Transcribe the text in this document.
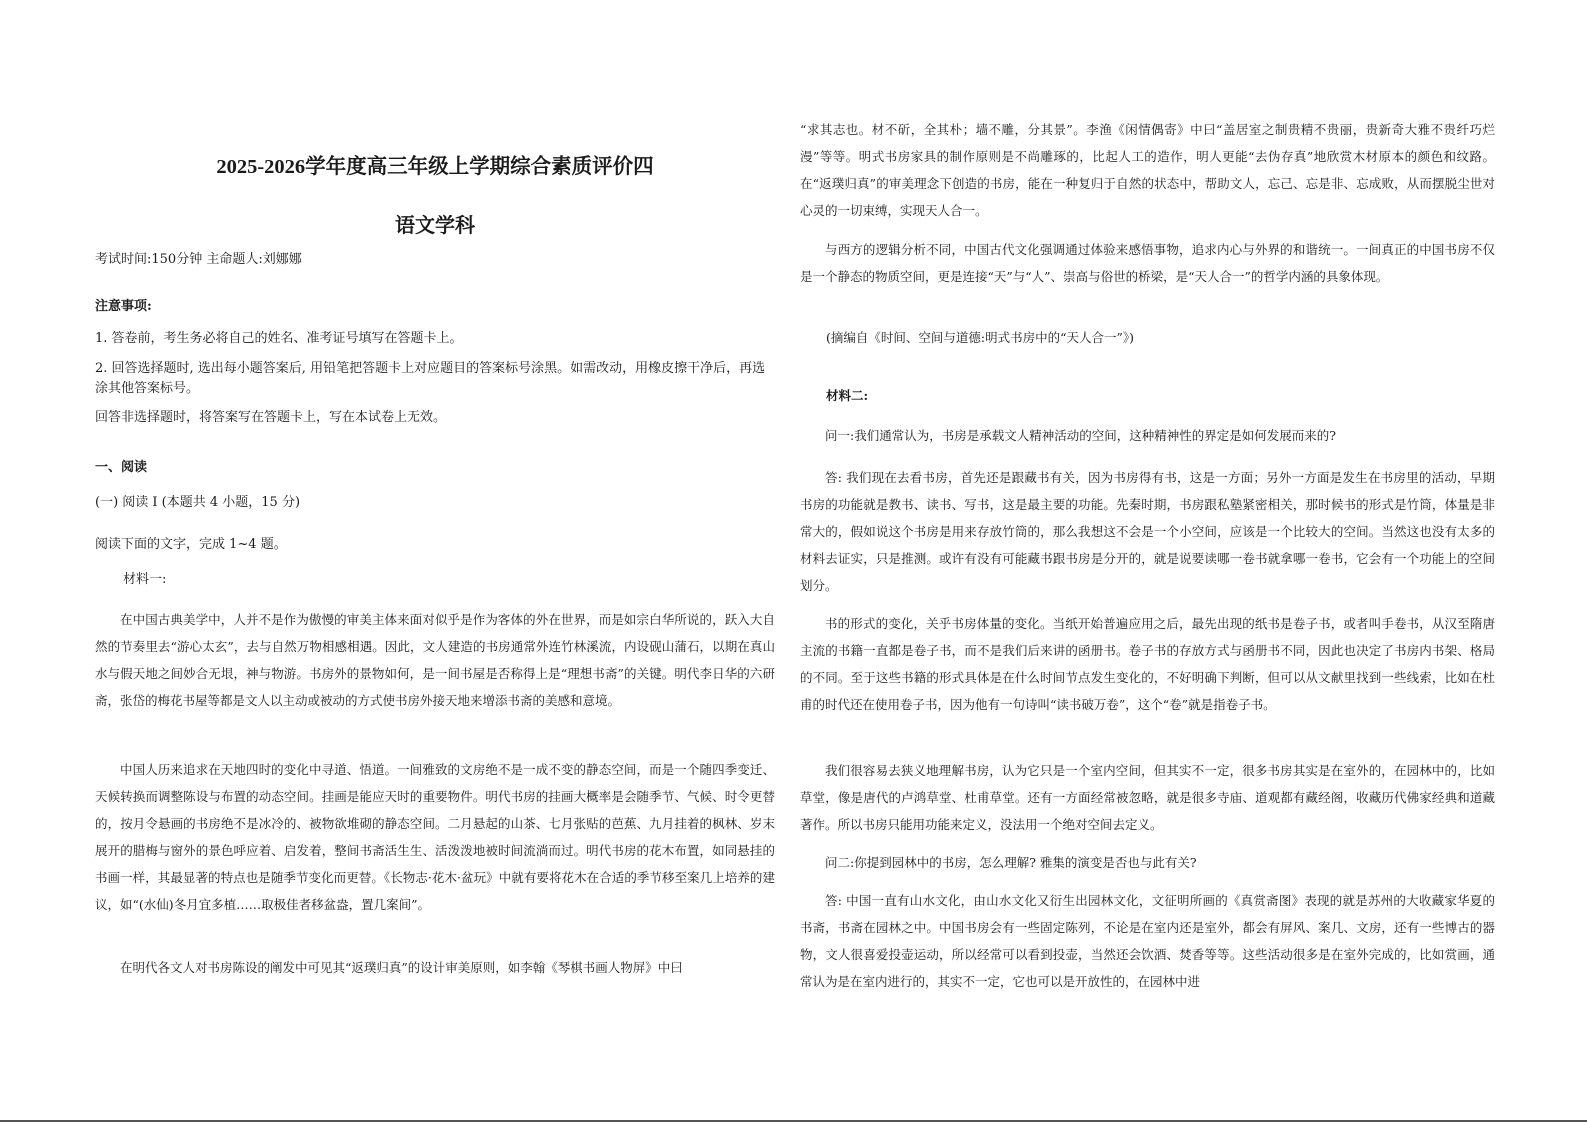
2025-2026学年度高三年级上学期综合素质评价四
语文学科
考试时间:150分钟 主命题人:刘娜娜
注意事项:
1. 答卷前，考生务必将自己的姓名、准考证号填写在答题卡上。
2. 回答选择题时, 选出每小题答案后, 用铅笔把答题卡上对应题目的答案标号涂黑。如需改动，用橡皮擦干净后，再选涂其他答案标号。
回答非选择题时，将答案写在答题卡上，写在本试卷上无效。
一、阅读
(一) 阅读 I (本题共 4 小题，15 分)
阅读下面的文字，完成 1~4 题。
材料一:

在中国古典美学中，人并不是作为傲慢的审美主体来面对似乎是作为客体的外在世界，而是如宗白华所说的，跃入大自然的节奏里去“游心太玄”，去与自然万物相感相遇。因此，文人建造的书房通常外连竹林溪流，内设砚山蒲石，以期在真山水与假天地之间妙合无垠，神与物游。书房外的景物如何，是一间书屋是否称得上是“理想书斋”的关键。明代李日华的六研斋，张岱的梅花书屋等都是文人以主动或被动的方式使书房外接天地来增添书斋的美感和意境。

中国人历来追求在天地四时的变化中寻道、悟道。一间雅致的文房绝不是一成不变的静态空间，而是一个随四季变迁、天候转换而调整陈设与布置的动态空间。挂画是能应天时的重要物件。明代书房的挂画大概率是会随季节、气候、时令更替的，按月令悬画的书房绝不是冰冷的、被物欲堆砌的静态空间。二月悬起的山茶、七月张贴的芭蕉、九月挂着的枫林、岁末展开的腊梅与窗外的景色呼应着、启发着，整间书斋活生生、活泼泼地被时间流淌而过。明代书房的花木布置，如同悬挂的书画一样，其最显著的特点也是随季节变化而更替。《长物志·花木·盆玩》中就有要将花木在合适的季节移至案几上培养的建议，如“(水仙)冬月宜多植……取极佳者移盆盎，置几案间”。

在明代各文人对书房陈设的阐发中可见其“返璞归真”的设计审美原则，如李翰《琴棋书画人物屏》中曰

“求其志也。材不斫，全其朴；墙不雕，分其景”。李渔《闲情偶寄》中曰“盖居室之制贵精不贵丽，贵新奇大雅不贵纤巧烂漫”等等。明式书房家具的制作原则是不尚雕琢的，比起人工的造作，明人更能“去伪存真”地欣赏木材原本的颜色和纹路。在“返璞归真”的审美理念下创造的书房，能在一种复归于自然的状态中，帮助文人，忘己、忘是非、忘成败，从而摆脱尘世对心灵的一切束缚，实现天人合一。

与西方的逻辑分析不同，中国古代文化强调通过体验来感悟事物，追求内心与外界的和谐统一。一间真正的中国书房不仅是一个静态的物质空间，更是连接“天”与“人”、崇高与俗世的桥梁，是“天人合一”的哲学内涵的具象体现。

(摘编自《时间、空间与道德:明式书房中的“天人合一”》)

材料二:

问一:我们通常认为，书房是承载文人精神活动的空间，这种精神性的界定是如何发展而来的?

答: 我们现在去看书房，首先还是跟藏书有关，因为书房得有书，这是一方面；另外一方面是发生在书房里的活动，早期书房的功能就是教书、读书、写书，这是最主要的功能。先秦时期，书房跟私塾紧密相关，那时候书的形式是竹筒，体量是非常大的，假如说这个书房是用来存放竹筒的，那么我想这不会是一个小空间，应该是一个比较大的空间。当然这也没有太多的材料去证实，只是推测。或许有没有可能藏书跟书房是分开的，就是说要读哪一卷书就拿哪一卷书，它会有一个功能上的空间划分。

书的形式的变化，关乎书房体量的变化。当纸开始普遍应用之后，最先出现的纸书是卷子书，或者叫手卷书，从汉至隋唐主流的书籍一直都是卷子书，而不是我们后来讲的函册书。卷子书的存放方式与函册书不同，因此也决定了书房内书架、格局的不同。至于这些书籍的形式具体是在什么时间节点发生变化的，不好明确下判断，但可以从文献里找到一些线索，比如在杜甫的时代还在使用卷子书，因为他有一句诗叫“读书破万卷”，这个“卷”就是指卷子书。

我们很容易去狭义地理解书房，认为它只是一个室内空间，但其实不一定，很多书房其实是在室外的，在园林中的，比如草堂，像是唐代的卢鸿草堂、杜甫草堂。还有一方面经常被忽略，就是很多寺庙、道观都有藏经阁，收藏历代佛家经典和道藏著作。所以书房只能用功能来定义，没法用一个绝对空间去定义。

问二:你提到园林中的书房，怎么理解? 雅集的演变是否也与此有关?

答: 中国一直有山水文化，由山水文化又衍生出园林文化，文征明所画的《真赏斋图》表现的就是苏州的大收藏家华夏的书斋，书斋在园林之中。中国书房会有一些固定陈列，不论是在室内还是室外，都会有屏风、案几、文房，还有一些博古的器物，文人很喜爱投壶运动，所以经常可以看到投壶，当然还会饮酒、焚香等等。这些活动很多是在室外完成的，比如赏画，通常认为是在室内进行的，其实不一定，它也可以是开放性的，在园林中进
